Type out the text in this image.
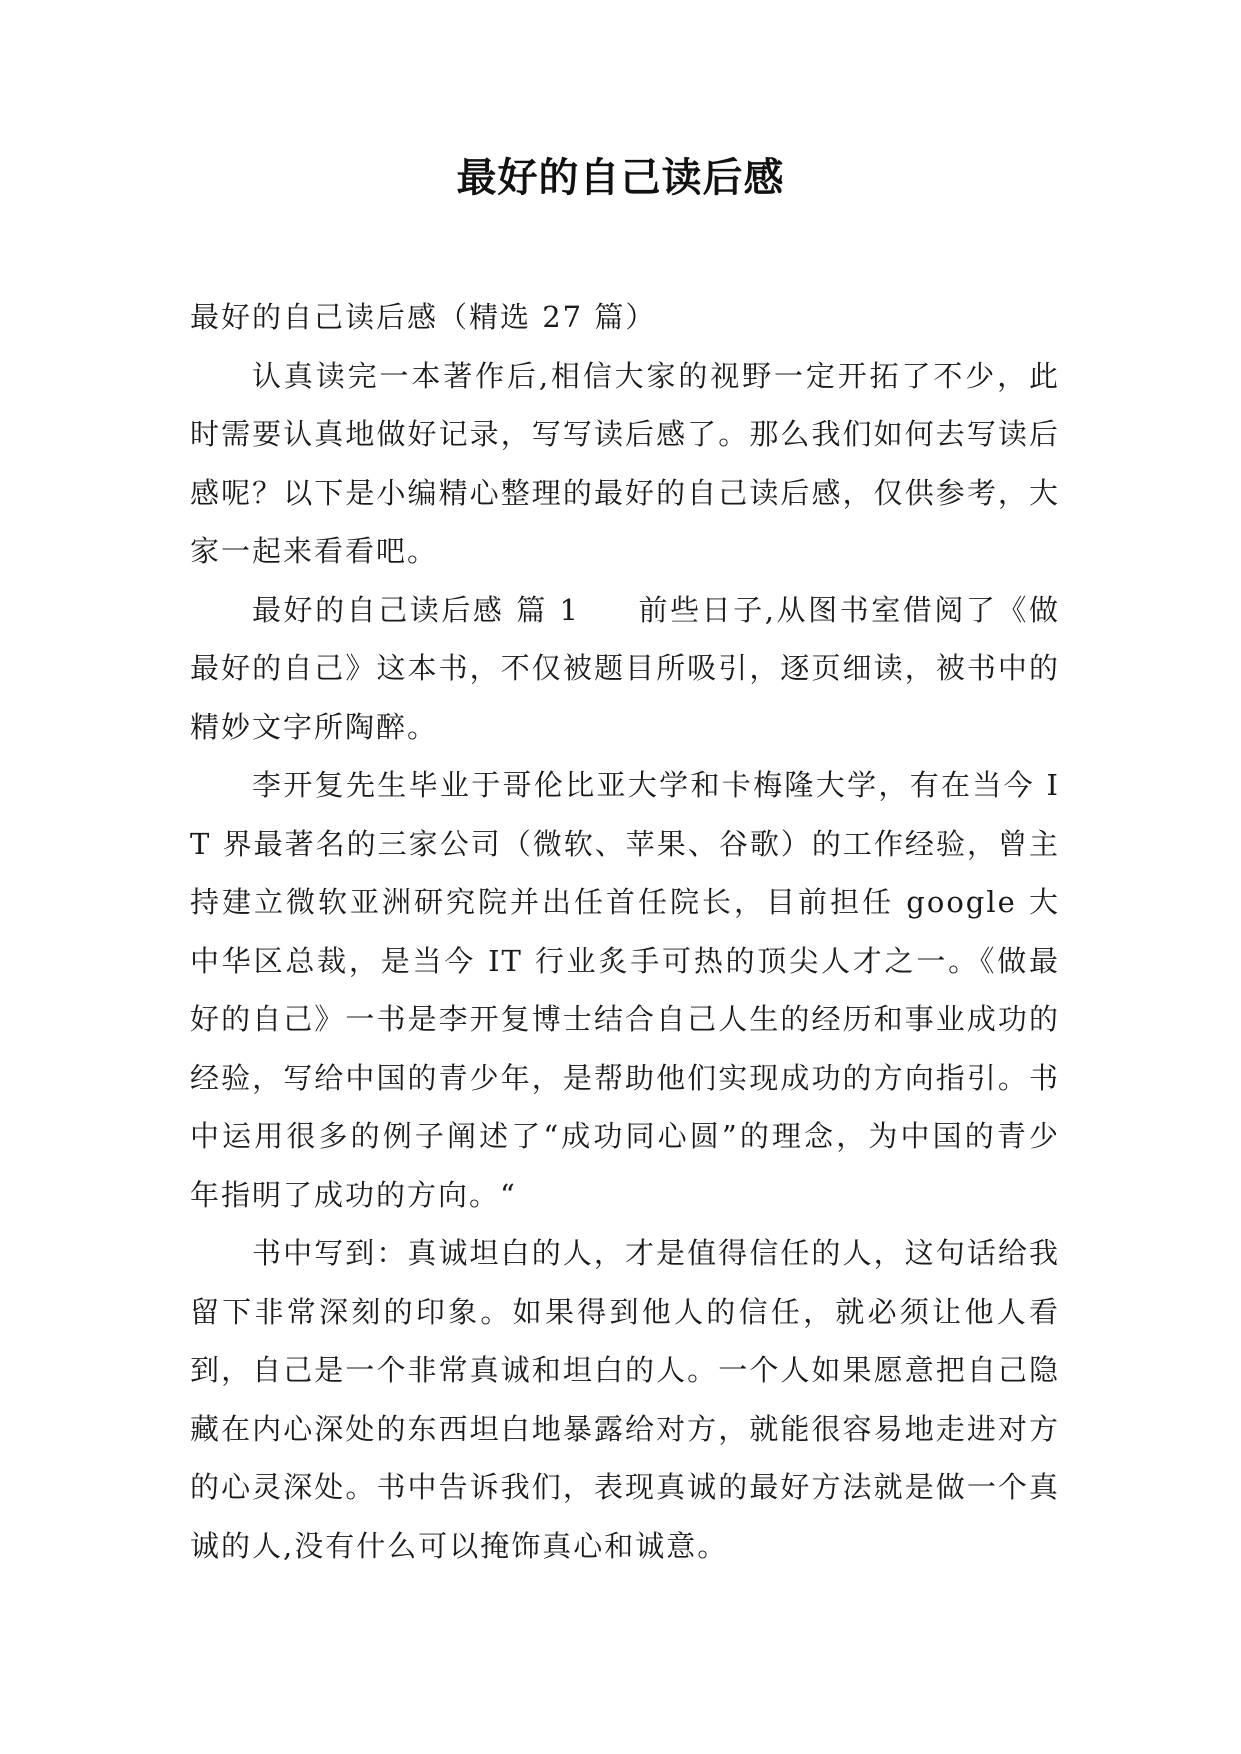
最好的自己读后感

最好的自己读后感（精选 27 篇）

认真读完一本著作后,相信大家的视野一定开拓了不少，此时需要认真地做好记录，写写读后感了。那么我们如何去写读后感呢？以下是小编精心整理的最好的自己读后感，仅供参考，大家一起来看看吧。

最好的自己读后感 篇 1 前些日子,从图书室借阅了《做最好的自己》这本书，不仅被题目所吸引，逐页细读，被书中的精妙文字所陶醉。

李开复先生毕业于哥伦比亚大学和卡梅隆大学，有在当今 IT 界最著名的三家公司（微软、苹果、谷歌）的工作经验，曾主持建立微软亚洲研究院并出任首任院长，目前担任 google 大中华区总裁，是当今 IT 行业炙手可热的顶尖人才之一。《做最好的自己》一书是李开复博士结合自己人生的经历和事业成功的经验，写给中国的青少年，是帮助他们实现成功的方向指引。书中运用很多的例子阐述了“成功同心圆”的理念，为中国的青少年指明了成功的方向。“

书中写到：真诚坦白的人，才是值得信任的人，这句话给我留下非常深刻的印象。如果得到他人的信任，就必须让他人看到，自己是一个非常真诚和坦白的人。一个人如果愿意把自己隐藏在内心深处的东西坦白地暴露给对方，就能很容易地走进对方的心灵深处。书中告诉我们，表现真诚的最好方法就是做一个真诚的人,没有什么可以掩饰真心和诚意。
